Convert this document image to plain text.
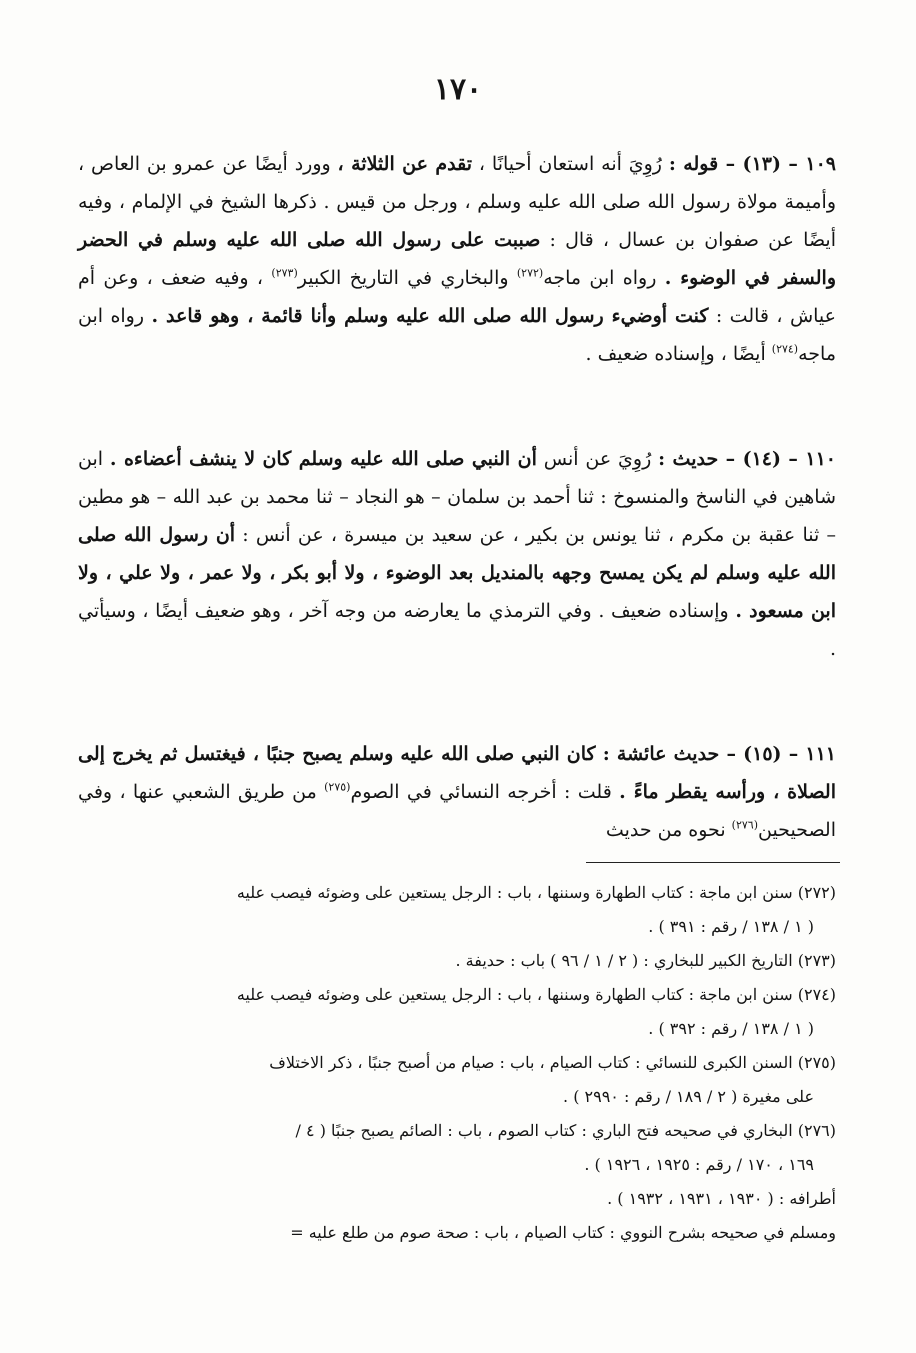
١٧٠

١٠٩ – (١٣) – قوله : رُوِيَ أنه استعان أحيانًا ، تقدم عن الثلاثة ، وورد أيضًا عن عمرو بن العاص ، وأميمة مولاة رسول الله صلى الله عليه وسلم ، ورجل من قيس . ذكرها الشيخ في الإلمام ، وفيه أيضًا عن صفوان بن عسال ، قال : صببت على رسول الله صلى الله عليه وسلم في الحضر والسفر في الوضوء . رواه ابن ماجه$^{(٢٧٢)}$ والبخاري في التاريخ الكبير$^{(٢٧٣)}$ ، وفيه ضعف ، وعن أم عياش ، قالت : كنت أوضيء رسول الله صلى الله عليه وسلم وأنا قائمة ، وهو قاعد . رواه ابن ماجه$^{(٢٧٤)}$ أيضًا ، وإسناده ضعيف .

١١٠ – (١٤) – حديث : رُوِيَ عن أنس أن النبي صلى الله عليه وسلم كان لا ينشف أعضاءه . ابن شاهين في الناسخ والمنسوخ : ثنا أحمد بن سلمان – هو النجاد – ثنا محمد بن عبد الله – هو مطين – ثنا عقبة بن مكرم ، ثنا يونس بن بكير ، عن سعيد بن ميسرة ، عن أنس : أن رسول الله صلى الله عليه وسلم لم يكن يمسح وجهه بالمنديل بعد الوضوء ، ولا أبو بكر ، ولا عمر ، ولا علي ، ولا ابن مسعود . وإسناده ضعيف . وفي الترمذي ما يعارضه من وجه آخر ، وهو ضعيف أيضًا ، وسيأتي .

١١١ – (١٥) – حديث عائشة : كان النبي صلى الله عليه وسلم يصبح جنبًا ، فيغتسل ثم يخرج إلى الصلاة ، ورأسه يقطر ماءً . قلت : أخرجه النسائي في الصوم$^{(٢٧٥)}$ من طريق الشعبي عنها ، وفي الصحيحين$^{(٢٧٦)}$ نحوه من حديث

(٢٧٢) سنن ابن ماجة : كتاب الطهارة وسننها ، باب : الرجل يستعين على وضوئه فيصب عليه

( ١ / ١٣٨ / رقم : ٣٩١ ) .

(٢٧٣) التاريخ الكبير للبخاري : ( ٢ / ١ / ٩٦ ) باب : حديفة .

(٢٧٤) سنن ابن ماجة : كتاب الطهارة وسننها ، باب : الرجل يستعين على وضوئه فيصب عليه

( ١ / ١٣٨ / رقم : ٣٩٢ ) .

(٢٧٥) السنن الكبرى للنسائي : كتاب الصيام ، باب : صيام من أصبح جنبًا ، ذكر الاختلاف

على مغيرة ( ٢ / ١٨٩ / رقم : ٢٩٩٠ ) .

(٢٧٦) البخاري في صحيحه فتح الباري : كتاب الصوم ، باب : الصائم يصبح جنبًا ( ٤ /

١٦٩ ، ١٧٠ / رقم : ١٩٢٥ ، ١٩٢٦ ) .

أطرافه : ( ١٩٣٠ ، ١٩٣١ ، ١٩٣٢ ) .

ومسلم في صحيحه بشرح النووي : كتاب الصيام ، باب : صحة صوم من طلع عليه =
